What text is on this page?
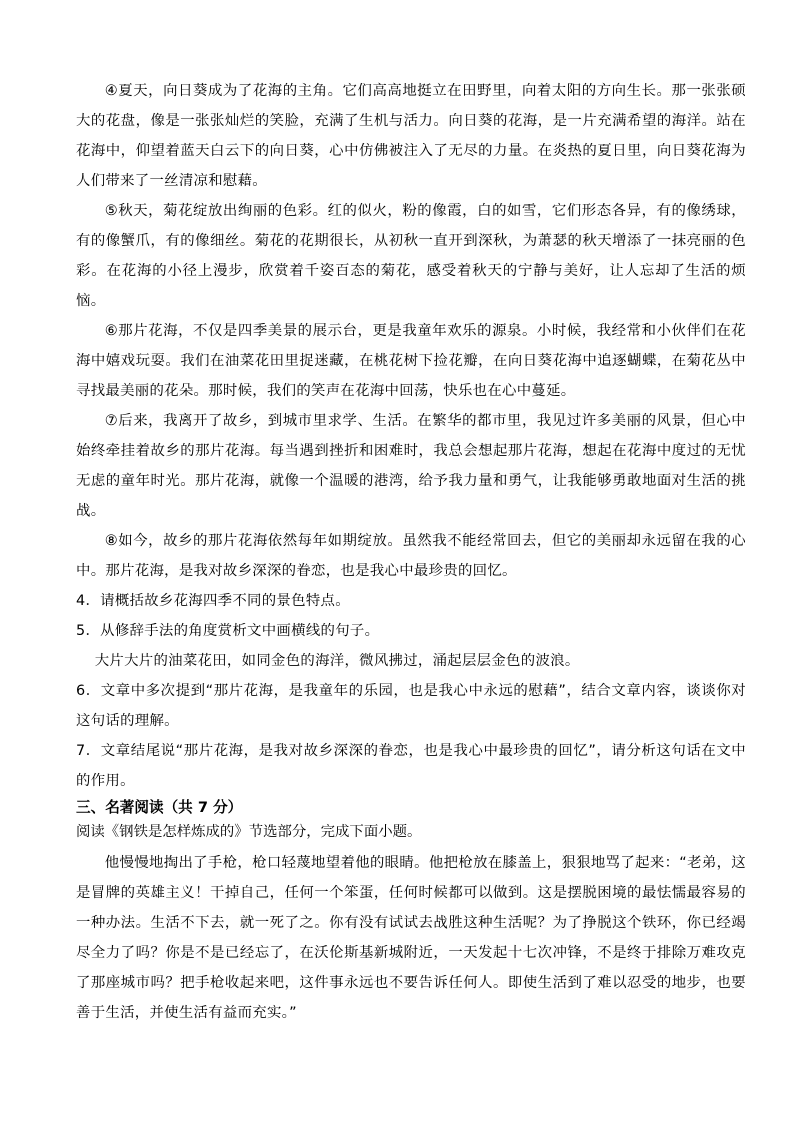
④夏天，向日葵成为了花海的主角。它们高高地挺立在田野里，向着太阳的方向生长。那一张张硕大的花盘，像是一张张灿烂的笑脸，充满了生机与活力。向日葵的花海，是一片充满希望的海洋。站在花海中，仰望着蓝天白云下的向日葵，心中仿佛被注入了无尽的力量。在炎热的夏日里，向日葵花海为人们带来了一丝清凉和慰藉。

⑤秋天，菊花绽放出绚丽的色彩。红的似火，粉的像霞，白的如雪，它们形态各异，有的像绣球，有的像蟹爪，有的像细丝。菊花的花期很长，从初秋一直开到深秋，为萧瑟的秋天增添了一抹亮丽的色彩。在花海的小径上漫步，欣赏着千姿百态的菊花，感受着秋天的宁静与美好，让人忘却了生活的烦恼。

⑥那片花海，不仅是四季美景的展示台，更是我童年欢乐的源泉。小时候，我经常和小伙伴们在花海中嬉戏玩耍。我们在油菜花田里捉迷藏，在桃花树下捡花瓣，在向日葵花海中追逐蝴蝶，在菊花丛中寻找最美丽的花朵。那时候，我们的笑声在花海中回荡，快乐也在心中蔓延。

⑦后来，我离开了故乡，到城市里求学、生活。在繁华的都市里，我见过许多美丽的风景，但心中始终牵挂着故乡的那片花海。每当遇到挫折和困难时，我总会想起那片花海，想起在花海中度过的无忧无虑的童年时光。那片花海，就像一个温暖的港湾，给予我力量和勇气，让我能够勇敢地面对生活的挑战。

⑧如今，故乡的那片花海依然每年如期绽放。虽然我不能经常回去，但它的美丽却永远留在我的心中。那片花海，是我对故乡深深的眷恋，也是我心中最珍贵的回忆。

4．请概括故乡花海四季不同的景色特点。

5．从修辞手法的角度赏析文中画横线的句子。

大片大片的油菜花田，如同金色的海洋，微风拂过，涌起层层金色的波浪。

6．文章中多次提到“那片花海，是我童年的乐园，也是我心中永远的慰藉”，结合文章内容，谈谈你对这句话的理解。

7．文章结尾说“那片花海，是我对故乡深深的眷恋，也是我心中最珍贵的回忆”，请分析这句话在文中的作用。

三、名著阅读（共 7 分）

阅读《钢铁是怎样炼成的》节选部分，完成下面小题。

他慢慢地掏出了手枪，枪口轻蔑地望着他的眼睛。他把枪放在膝盖上，狠狠地骂了起来：“老弟，这是冒牌的英雄主义！干掉自己，任何一个笨蛋，任何时候都可以做到。这是摆脱困境的最怯懦最容易的一种办法。生活不下去，就一死了之。你有没有试试去战胜这种生活呢？为了挣脱这个铁环，你已经竭尽全力了吗？你是不是已经忘了，在沃伦斯基新城附近，一天发起十七次冲锋，不是终于排除万难攻克了那座城市吗？把手枪收起来吧，这件事永远也不要告诉任何人。即使生活到了难以忍受的地步，也要善于生活，并使生活有益而充实。”
